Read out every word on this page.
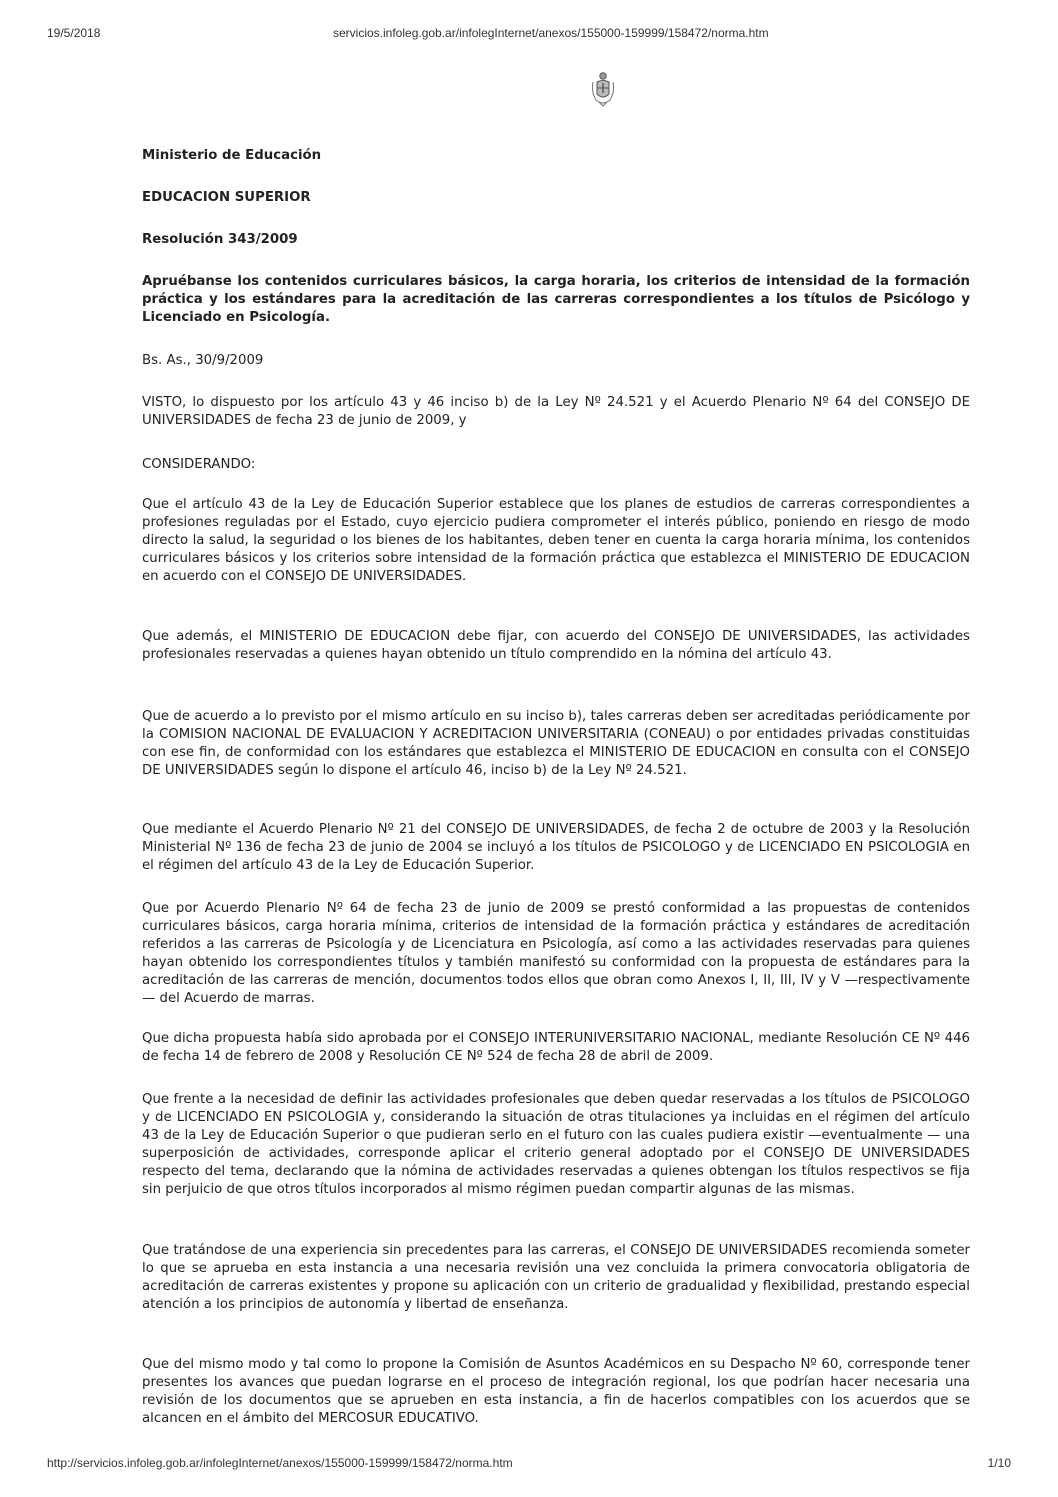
19/5/2018	servicios.infoleg.gob.ar/infolegInternet/anexos/155000-159999/158472/norma.htm

Ministerio de Educación

EDUCACION SUPERIOR

Resolución 343/2009

Apruébanse los contenidos curriculares básicos, la carga horaria, los criterios de intensidad de la formación práctica y los estándares para la acreditación de las carreras correspondientes a los títulos de Psicólogo y Licenciado en Psicología.

Bs. As., 30/9/2009

VISTO, lo dispuesto por los artículo 43 y 46 inciso b) de la Ley Nº 24.521 y el Acuerdo Plenario Nº 64 del CONSEJO DE UNIVERSIDADES de fecha 23 de junio de 2009, y

CONSIDERANDO:

Que el artículo 43 de la Ley de Educación Superior establece que los planes de estudios de carreras correspondientes a profesiones reguladas por el Estado, cuyo ejercicio pudiera comprometer el interés público, poniendo en riesgo de modo directo la salud, la seguridad o los bienes de los habitantes, deben tener en cuenta la carga horaria mínima, los contenidos curriculares básicos y los criterios sobre intensidad de la formación práctica que establezca el MINISTERIO DE EDUCACION en acuerdo con el CONSEJO DE UNIVERSIDADES.

Que además, el MINISTERIO DE EDUCACION debe fijar, con acuerdo del CONSEJO DE UNIVERSIDADES, las actividades profesionales reservadas a quienes hayan obtenido un título comprendido en la nómina del artículo 43.

Que de acuerdo a lo previsto por el mismo artículo en su inciso b), tales carreras deben ser acreditadas periódicamente por la COMISION NACIONAL DE EVALUACION Y ACREDITACION UNIVERSITARIA (CONEAU) o por entidades privadas constituidas con ese fin, de conformidad con los estándares que establezca el MINISTERIO DE EDUCACION en consulta con el CONSEJO DE UNIVERSIDADES según lo dispone el artículo 46, inciso b) de la Ley Nº 24.521.

Que mediante el Acuerdo Plenario Nº 21 del CONSEJO DE UNIVERSIDADES, de fecha 2 de octubre de 2003 y la Resolución Ministerial Nº 136 de fecha 23 de junio de 2004 se incluyó a los títulos de PSICOLOGO y de LICENCIADO EN PSICOLOGIA en el régimen del artículo 43 de la Ley de Educación Superior.

Que por Acuerdo Plenario Nº 64 de fecha 23 de junio de 2009 se prestó conformidad a las propuestas de contenidos curriculares básicos, carga horaria mínima, criterios de intensidad de la formación práctica y estándares de acreditación referidos a las carreras de Psicología y de Licenciatura en Psicología, así como a las actividades reservadas para quienes hayan obtenido los correspondientes títulos y también manifestó su conformidad con la propuesta de estándares para la acreditación de las carreras de mención, documentos todos ellos que obran como Anexos I, II, III, IV y V —respectivamente— del Acuerdo de marras.

Que dicha propuesta había sido aprobada por el CONSEJO INTERUNIVERSITARIO NACIONAL, mediante Resolución CE Nº 446 de fecha 14 de febrero de 2008 y Resolución CE Nº 524 de fecha 28 de abril de 2009.

Que frente a la necesidad de definir las actividades profesionales que deben quedar reservadas a los títulos de PSICOLOGO y de LICENCIADO EN PSICOLOGIA y, considerando la situación de otras titulaciones ya incluidas en el régimen del artículo 43 de la Ley de Educación Superior o que pudieran serlo en el futuro con las cuales pudiera existir —eventualmente — una superposición de actividades, corresponde aplicar el criterio general adoptado por el CONSEJO DE UNIVERSIDADES respecto del tema, declarando que la nómina de actividades reservadas a quienes obtengan los títulos respectivos se fija sin perjuicio de que otros títulos incorporados al mismo régimen puedan compartir algunas de las mismas.

Que tratándose de una experiencia sin precedentes para las carreras, el CONSEJO DE UNIVERSIDADES recomienda someter lo que se aprueba en esta instancia a una necesaria revisión una vez concluida la primera convocatoria obligatoria de acreditación de carreras existentes y propone su aplicación con un criterio de gradualidad y flexibilidad, prestando especial atención a los principios de autonomía y libertad de enseñanza.

Que del mismo modo y tal como lo propone la Comisión de Asuntos Académicos en su Despacho Nº 60, corresponde tener presentes los avances que puedan lograrse en el proceso de integración regional, los que podrían hacer necesaria una revisión de los documentos que se aprueben en esta instancia, a fin de hacerlos compatibles con los acuerdos que se alcancen en el ámbito del MERCOSUR EDUCATIVO.

http://servicios.infoleg.gob.ar/infolegInternet/anexos/155000-159999/158472/norma.htm	1/10
